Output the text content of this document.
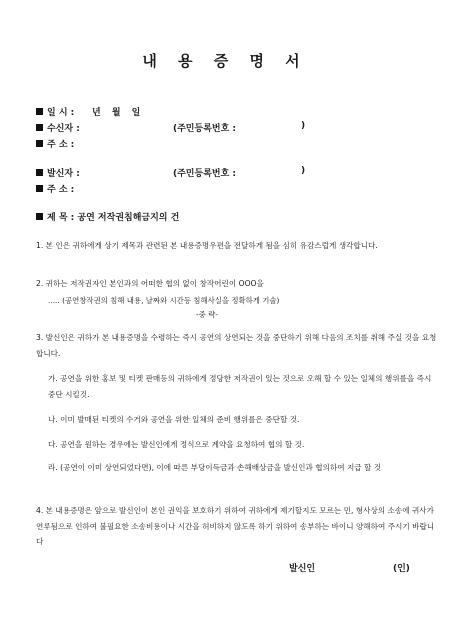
내 용 증 명 서
일 시 : 년 월 일
수신자 :	(주민등록번호 :	)
주 소 :
발신자 :	(주민등록번호 :	)
주 소 :
제 목 : 공연 저작권침해금지의 건
1. 본 인은 귀하에게 상기 제목과 관련된 본 내용증명우편을 전달하게 됨을 심히 유감스럽게 생각합니다.
2. 귀하는 저작권자인 본인과의 어떠한 협의 없이 창작어린이 OOO을
..... (공연창작권의 침해 내용, 날짜와 시간등 침해사실을 정확하게 기술)
-중 략-
3. 발신인은 귀하가 본 내용증명을 수령하는 즉시 공연의 상연되는 것을 중단하기 위해 다음의 조치를 취해 주실 것을 요청합니다.
가. 공연을 위한 홍보 및 티켓 판매등의 귀하에게 정당한 저작권이 있는 것으로 오해 할 수 있는 일체의 행위를을 즉시 중단 시킬것.
나. 이미 발매된 티켓의 수거와 공연을 위한 일체의 준비 행위를은 중단할 것.
다. 공연을 원하는 경우에는 발신인에게 정식으로 계약을 요청하여 협의 할 것.
라. (공연이 이미 상연되었다면), 이에 따른 부당이득금과 손해배상금을 발신인과 협의하여 지급 할 것
4. 본 내용증명은 앞으로 발신인이 본인 권익을 보호하기 위하여 귀하에게 제기할지도 모르는 민, 형사상의 소송에 귀사가 연루됨으로 인하여 불필요한 소송비용이나 시간을 허비하지 않도록 하기 위하여 송부하는 바이니 양해하여 주시기 바랍니다
발신인	(인)
